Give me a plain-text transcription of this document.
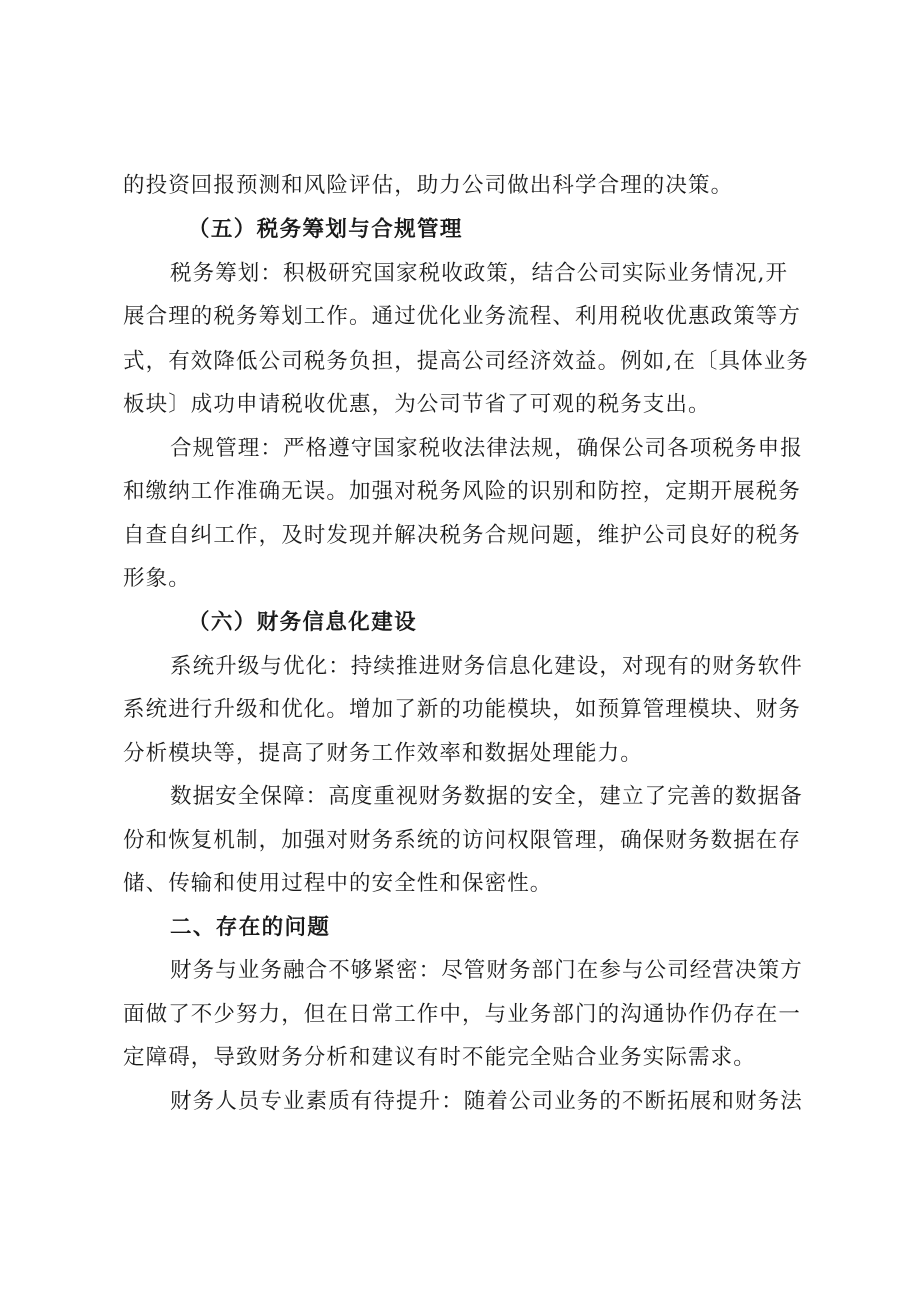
的投资回报预测和风险评估，助力公司做出科学合理的决策。
（五）税务筹划与合规管理
税务筹划：积极研究国家税收政策，结合公司实际业务情况,开
展合理的税务筹划工作。通过优化业务流程、利用税收优惠政策等方
式，有效降低公司税务负担，提高公司经济效益。例如,在〔具体业务
板块〕成功申请税收优惠，为公司节省了可观的税务支出。
合规管理：严格遵守国家税收法律法规，确保公司各项税务申报
和缴纳工作准确无误。加强对税务风险的识别和防控，定期开展税务
自查自纠工作，及时发现并解决税务合规问题，维护公司良好的税务
形象。
（六）财务信息化建设
系统升级与优化：持续推进财务信息化建设，对现有的财务软件
系统进行升级和优化。增加了新的功能模块，如预算管理模块、财务
分析模块等，提高了财务工作效率和数据处理能力。
数据安全保障：高度重视财务数据的安全，建立了完善的数据备
份和恢复机制，加强对财务系统的访问权限管理，确保财务数据在存
储、传输和使用过程中的安全性和保密性。
二、存在的问题
财务与业务融合不够紧密：尽管财务部门在参与公司经营决策方
面做了不少努力，但在日常工作中，与业务部门的沟通协作仍存在一
定障碍，导致财务分析和建议有时不能完全贴合业务实际需求。
财务人员专业素质有待提升：随着公司业务的不断拓展和财务法
